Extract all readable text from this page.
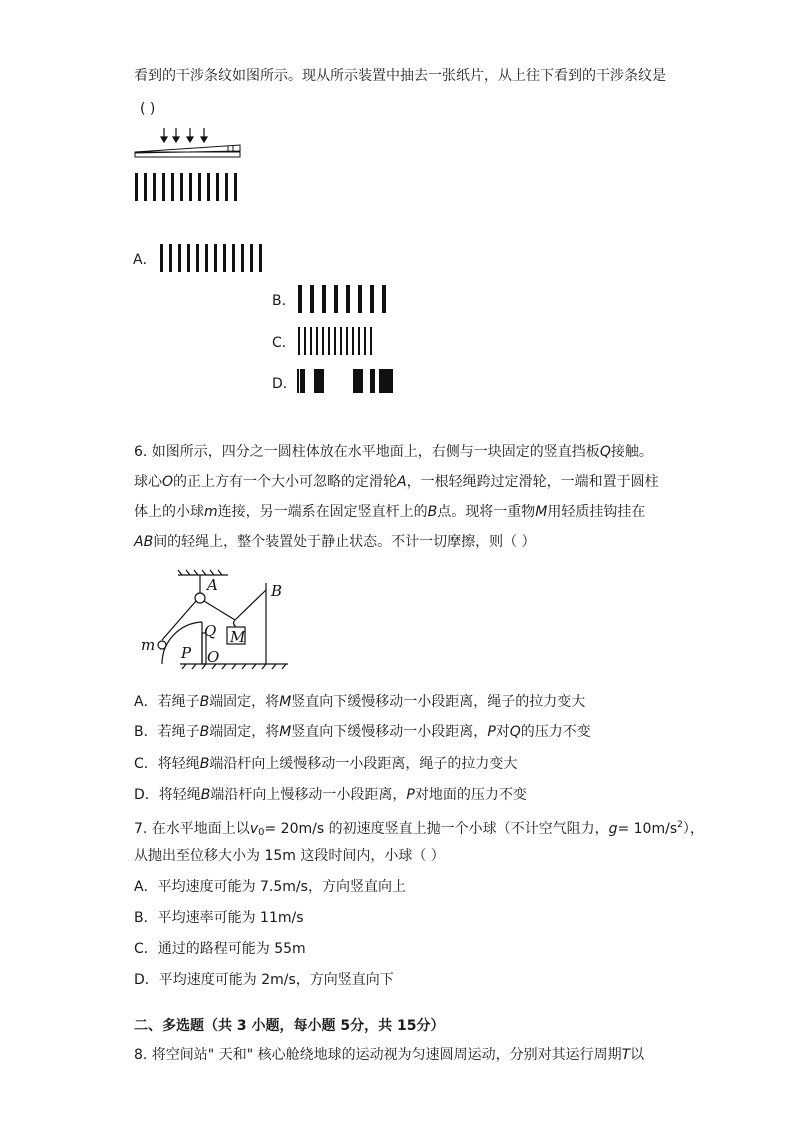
看到的干涉条纹如图所示。现从所示装置中抽去一张纸片，从上往下看到的干涉条纹是
( )
A．
B．
C．
D．
6. 如图所示，四分之一圆柱体放在水平地面上，右侧与一块固定的竖直挡板Q接触。
球心O的正上方有一个大小可忽略的定滑轮A，一根轻绳跨过定滑轮，一端和置于圆柱
体上的小球m连接，另一端系在固定竖直杆上的B点。现将一重物M用轻质挂钩挂在
AB间的轻绳上，整个装置处于静止状态。不计一切摩擦，则（ ）
A	B
Q M
m P O
A．若绳子B端固定，将M竖直向下缓慢移动一小段距离，绳子的拉力变大
B．若绳子B端固定，将M竖直向下缓慢移动一小段距离，P对Q的压力不变
C．将轻绳B端沿杆向上缓慢移动一小段距离，绳子的拉力变大
D．将轻绳B端沿杆向上慢移动一小段距离，P对地面的压力不变
7. 在水平地面上以$v_0= 20m/s$ 的初速度竖直上抛一个小球（不计空气阻力，$g= 10m/s^2$），
从抛出至位移大小为 15m 这段时间内，小球（ ）
A．平均速度可能为 7.5m/s，方向竖直向上
B．平均速率可能为 11m/s
C．通过的路程可能为 55m
D．平均速度可能为 2m/s，方向竖直向下
二、多选题（共 3 小题，每小题 5分，共 15分）
8. 将空间站" 天和" 核心舱绕地球的运动视为匀速圆周运动，分别对其运行周期T以
